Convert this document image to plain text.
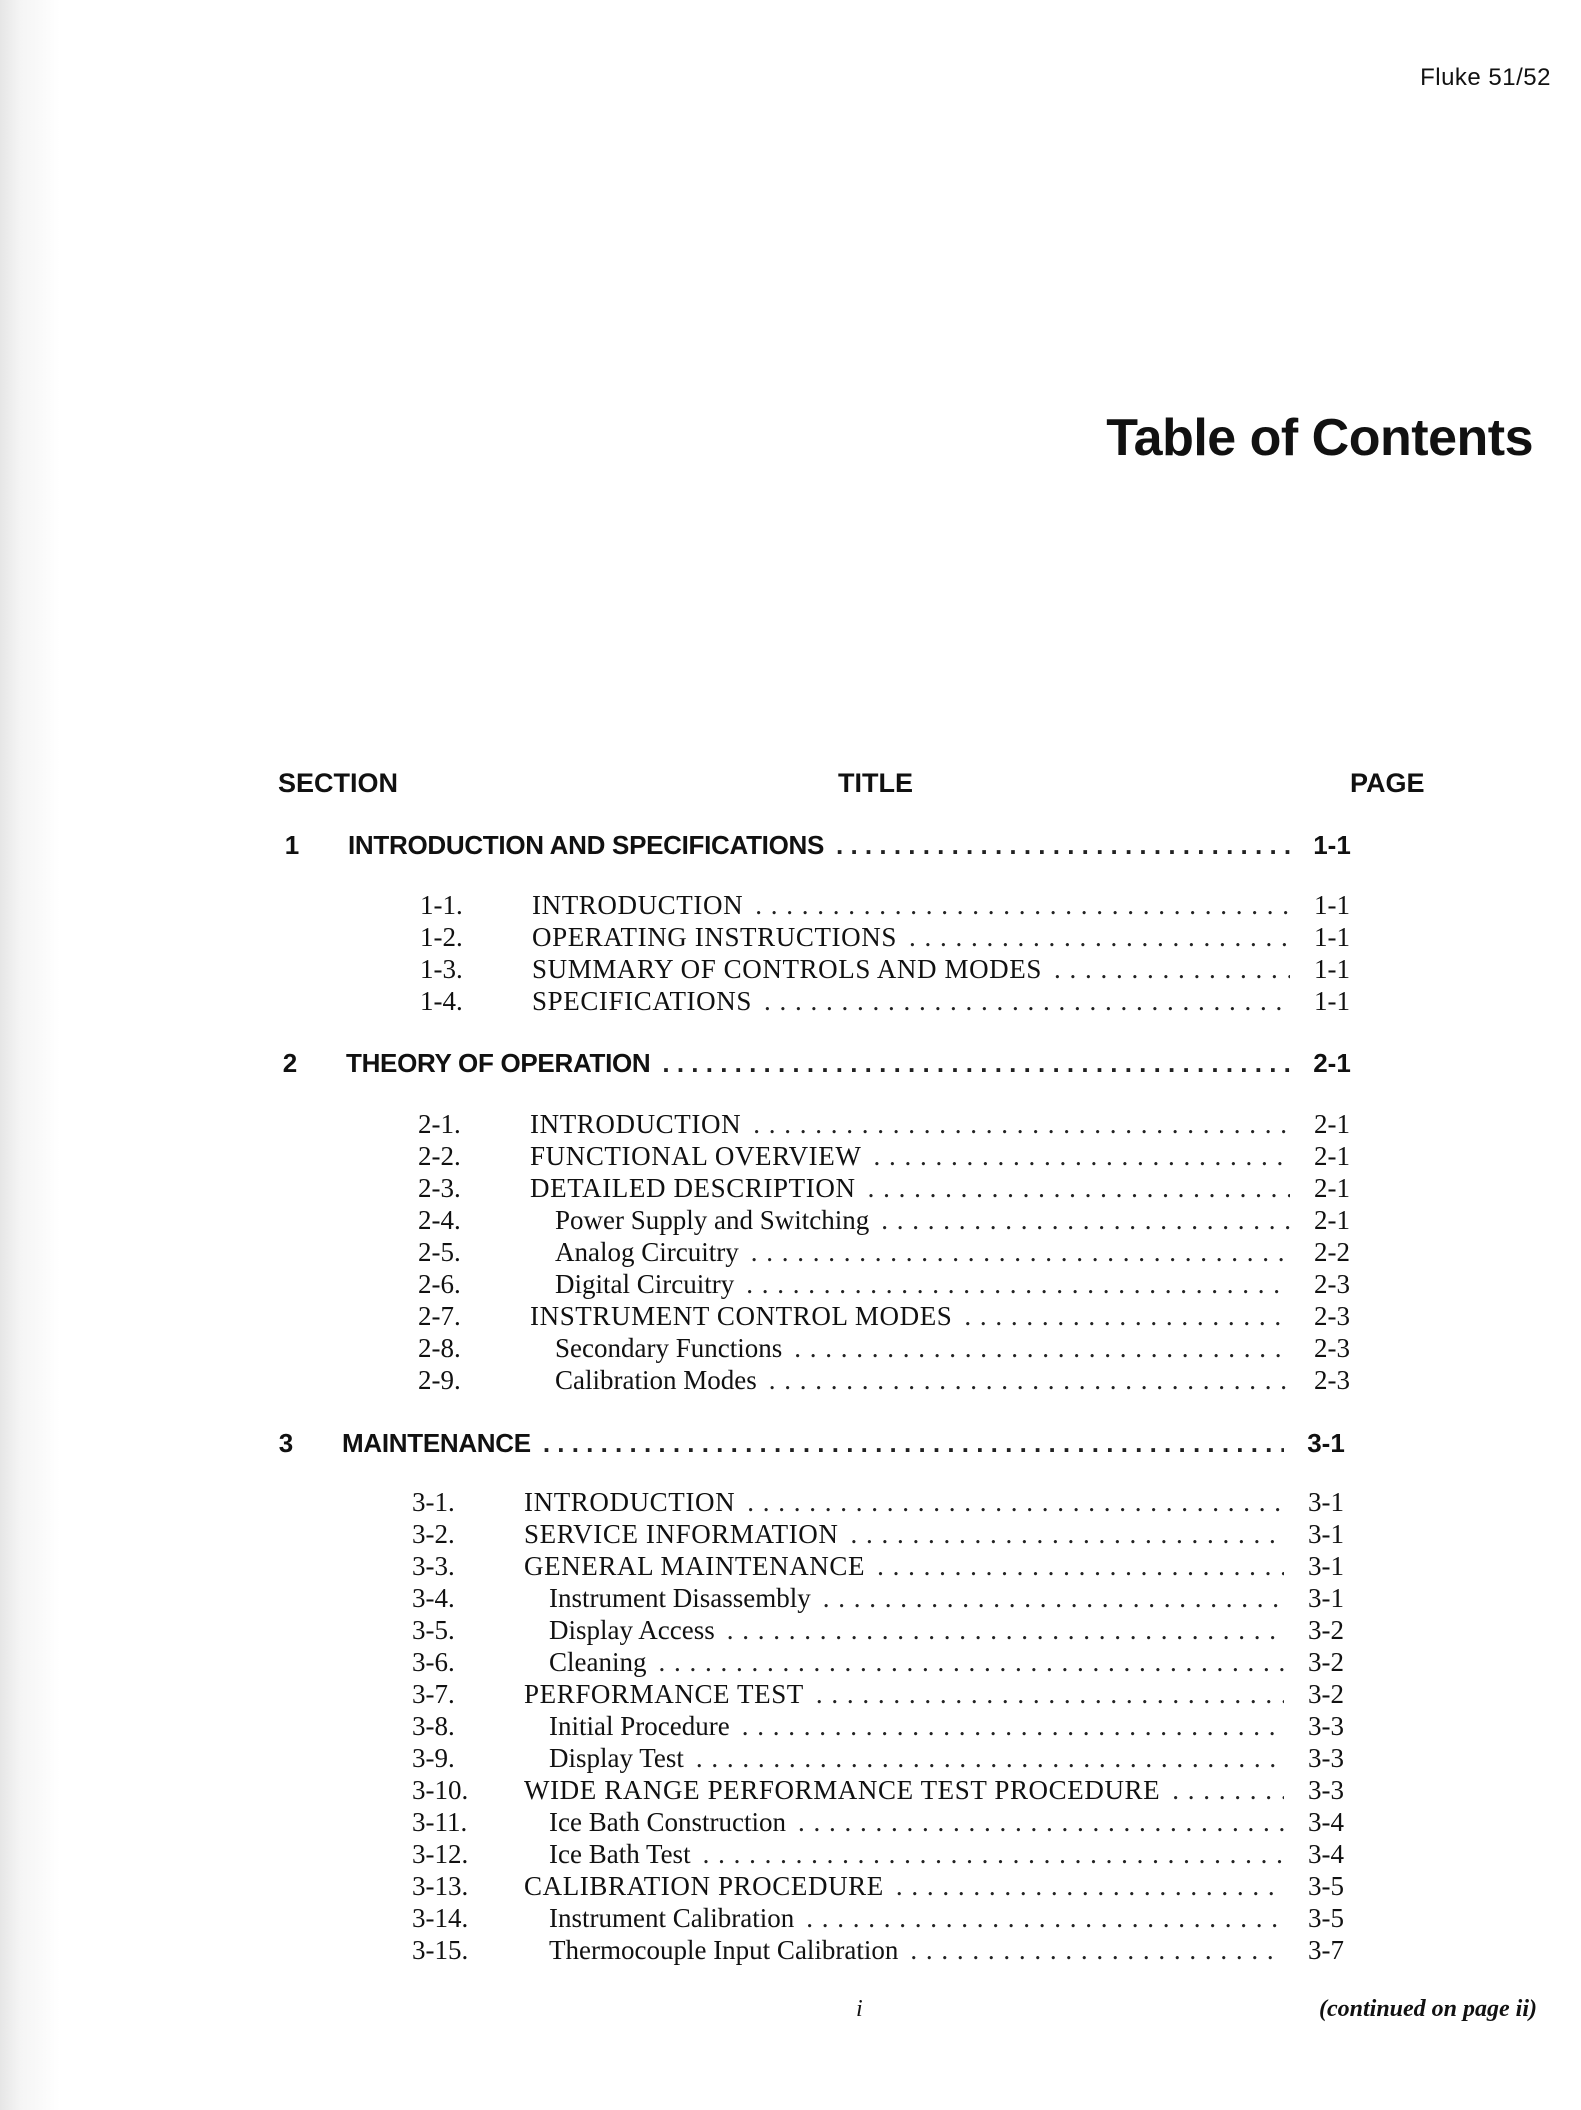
Fluke 51/52
Table of Contents
SECTION	TITLE	PAGE
1	INTRODUCTION AND SPECIFICATIONS . . .	1-1
1-1.	INTRODUCTION . . .	1-1
1-2.	OPERATING INSTRUCTIONS . . .	1-1
1-3.	SUMMARY OF CONTROLS AND MODES . . .	1-1
1-4.	SPECIFICATIONS . . .	1-1
2	THEORY OF OPERATION . . .	2-1
2-1.	INTRODUCTION . . .	2-1
2-2.	FUNCTIONAL OVERVIEW . . .	2-1
2-3.	DETAILED DESCRIPTION . . .	2-1
2-4.	Power Supply and Switching . . .	2-1
2-5.	Analog Circuitry . . .	2-2
2-6.	Digital Circuitry . . .	2-3
2-7.	INSTRUMENT CONTROL MODES . . .	2-3
2-8.	Secondary Functions . . .	2-3
2-9.	Calibration Modes . . .	2-3
3	MAINTENANCE . . .	3-1
3-1.	INTRODUCTION . . .	3-1
3-2.	SERVICE INFORMATION . . .	3-1
3-3.	GENERAL MAINTENANCE . . .	3-1
3-4.	Instrument Disassembly . . .	3-1
3-5.	Display Access . . .	3-2
3-6.	Cleaning . . .	3-2
3-7.	PERFORMANCE TEST . . .	3-2
3-8.	Initial Procedure . . .	3-3
3-9.	Display Test . . .	3-3
3-10.	WIDE RANGE PERFORMANCE TEST PROCEDURE . . .	3-3
3-11.	Ice Bath Construction . . .	3-4
3-12.	Ice Bath Test . . .	3-4
3-13.	CALIBRATION PROCEDURE . . .	3-5
3-14.	Instrument Calibration . . .	3-5
3-15.	Thermocouple Input Calibration . . .	3-7
i	(continued on page ii)
